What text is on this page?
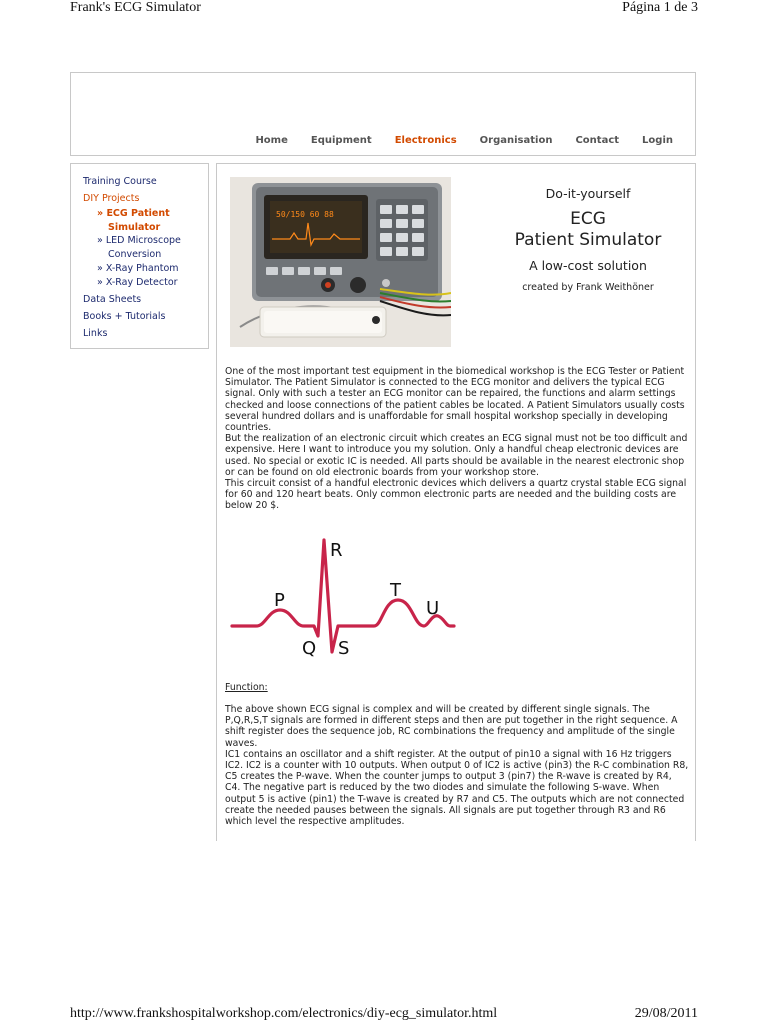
Frank's ECG Simulator	Página 1 de 3
Home Equipment Electronics Organisation Contact Login
Training Course
DIY Projects
» ECG Patient
Simulator
» LED Microscope
Conversion
» X-Ray Phantom
» X-Ray Detector
Data Sheets
Books + Tutorials
Links
50/150 60 88
Do-it-yourself
ECG
Patient Simulator
A low-cost solution
created by Frank Weithöner

One of the most important test equipment in the biomedical workshop is the ECG Tester or Patient Simulator. The Patient Simulator is connected to the ECG monitor and delivers the typical ECG signal. Only with such a tester an ECG monitor can be repaired, the functions and alarm settings checked and loose connections of the patient cables be located. A Patient Simulators usually costs several hundred dollars and is unaffordable for small hospital workshop specially in developing countries.

But the realization of an electronic circuit which creates an ECG signal must not be too difficult and expensive. Here I want to introduce you my solution. Only a handful cheap electronic devices are used. No special or exotic IC is needed. All parts should be available in the nearest electronic shop or can be found on old electronic boards from your workshop store.

This circuit consist of a handful electronic devices which delivers a quartz crystal stable ECG signal for 60 and 120 heart beats. Only common electronic parts are needed and the building costs are below 20 $.

P
R
Q S
T
U
Function:

The above shown ECG signal is complex and will be created by different single signals. The P,Q,R,S,T signals are formed in different steps and then are put together in the right sequence. A shift register does the sequence job, RC combinations the frequency and amplitude of the single waves.

IC1 contains an oscillator and a shift register. At the output of pin10 a signal with 16 Hz triggers IC2. IC2 is a counter with 10 outputs. When output 0 of IC2 is active (pin3) the R-C combination R8, C5 creates the P-wave. When the counter jumps to output 3 (pin7) the R-wave is created by R4, C4. The negative part is reduced by the two diodes and simulate the following S-wave. When output 5 is active (pin1) the T-wave is created by R7 and C5. The outputs which are not connected create the needed pauses between the signals. All signals are put together through R3 and R6 which level the respective amplitudes.

http://www.frankshospitalworkshop.com/electronics/diy-ecg_simulator.html	29/08/2011
